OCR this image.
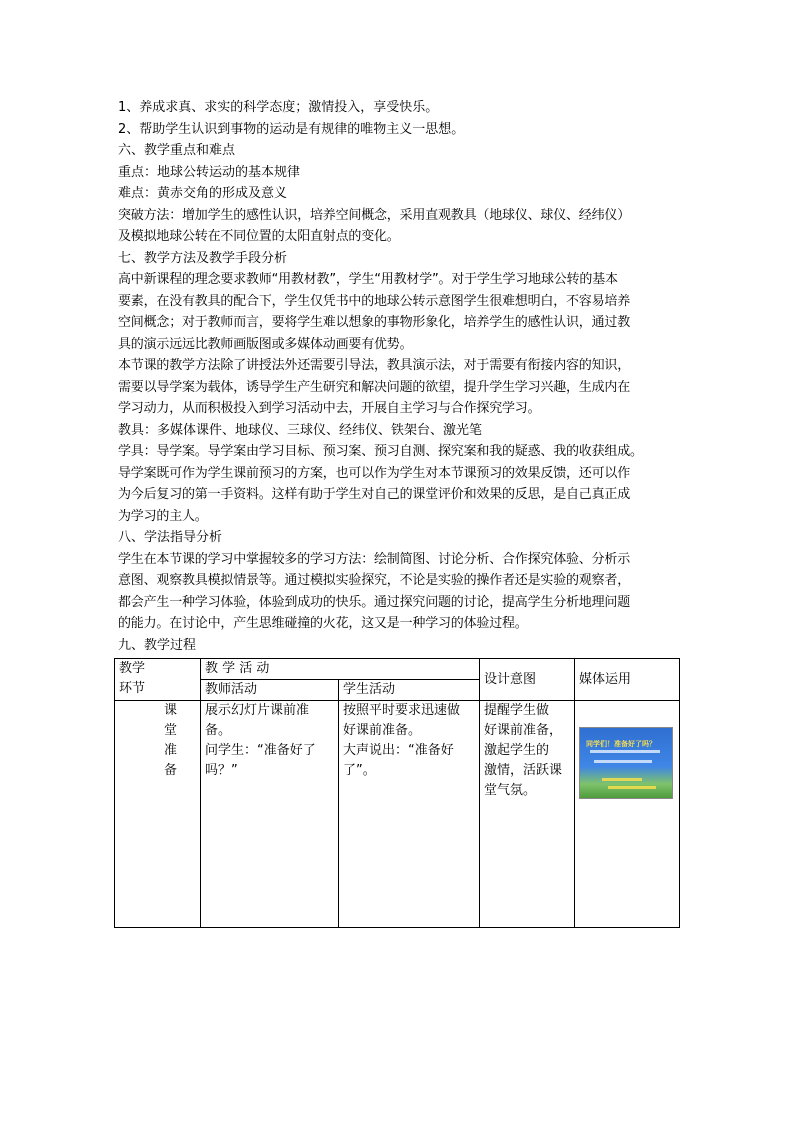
1、养成求真、求实的科学态度；激情投入，享受快乐。
2、帮助学生认识到事物的运动是有规律的唯物主义一思想。
六、教学重点和难点
重点：地球公转运动的基本规律
难点：黄赤交角的形成及意义
突破方法：增加学生的感性认识，培养空间概念，采用直观教具（地球仪、球仪、经纬仪）
及模拟地球公转在不同位置的太阳直射点的变化。
七、教学方法及教学手段分析
高中新课程的理念要求教师“用教材教”，学生“用教材学”。对于学生学习地球公转的基本
要素，在没有教具的配合下，学生仅凭书中的地球公转示意图学生很难想明白，不容易培养
空间概念；对于教师而言，要将学生难以想象的事物形象化，培养学生的感性认识，通过教
具的演示远远比教师画版图或多媒体动画要有优势。
本节课的教学方法除了讲授法外还需要引导法，教具演示法，对于需要有衔接内容的知识，
需要以导学案为载体，诱导学生产生研究和解决问题的欲望，提升学生学习兴趣，生成内在
学习动力，从而积极投入到学习活动中去，开展自主学习与合作探究学习。
教具：多媒体课件、地球仪、三球仪、经纬仪、铁架台、激光笔
学具：导学案。导学案由学习目标、预习案、预习自测、探究案和我的疑惑、我的收获组成。
导学案既可作为学生课前预习的方案，也可以作为学生对本节课预习的效果反馈，还可以作
为今后复习的第一手资料。这样有助于学生对自己的课堂评价和效果的反思，是自己真正成
为学习的主人。
八、学法指导分析
学生在本节课的学习中掌握较多的学习方法：绘制简图、讨论分析、合作探究体验、分析示
意图、观察教具模拟情景等。通过模拟实验探究，不论是实验的操作者还是实验的观察者，
都会产生一种学习体验，体验到成功的快乐。通过探究问题的讨论，提高学生分析地理问题
的能力。在讨论中，产生思维碰撞的火花，这又是一种学习的体验过程。
九、教学过程
教学
环节	教 学 活 动		设计意图	媒体运用
	教师活动	学生活动		

课
堂
准
备	展示幻灯片课前准
备。
问学生：“准备好了
吗？”	按照平时要求迅速做
好课前准备。
大声说出：“准备好
了”。	提醒学生做
好课前准备，
激起学生的
激情，活跃课
堂气氛。	同学们！准备好了吗？
